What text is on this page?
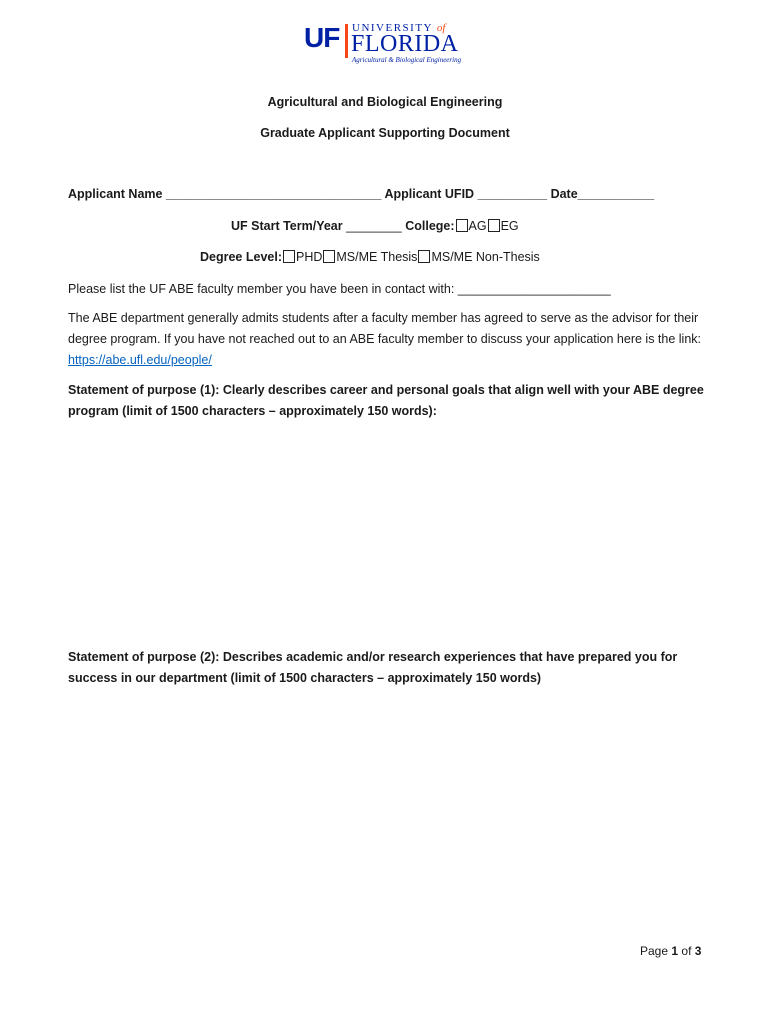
UF UNIVERSITY of
FLORIDA
Agricultural & Biological Engineering
Agricultural and Biological Engineering
Graduate Applicant Supporting Document
Applicant Name _______________________________ Applicant UFID __________ Date___________
UF Start Term/Year ________ College: AG EG
Degree Level: PHD MS/ME Thesis MS/ME Non-Thesis
Please list the UF ABE faculty member you have been in contact with: ______________________
The ABE department generally admits students after a faculty member has agreed to serve as the advisor for their degree program. If you have not reached out to an ABE faculty member to discuss your application here is the link: https://abe.ufl.edu/people/
Statement of purpose (1): Clearly describes career and personal goals that align well with your ABE degree program (limit of 1500 characters – approximately 150 words):
Statement of purpose (2): Describes academic and/or research experiences that have prepared you for success in our department (limit of 1500 characters – approximately 150 words)
Page 1 of 3
